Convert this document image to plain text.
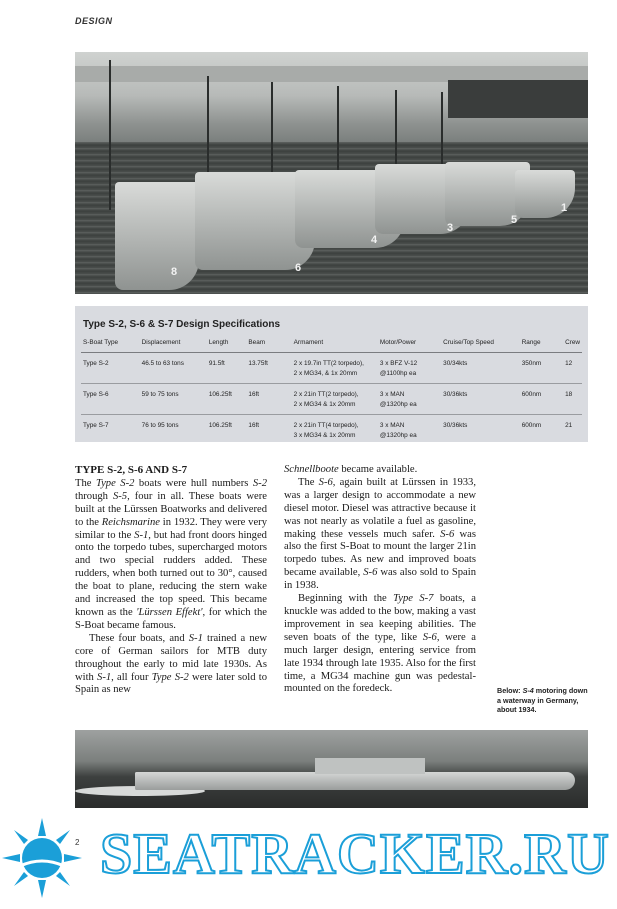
DESIGN
8	6
4
3
5
1
Type S-2, S-6 & S-7 Design Specifications
S-Boat Type	Displacement	Length	Beam	Armament	Motor/Power	Cruise/Top Speed	Range	Crew
Type S-2	46.5 to 63 tons	91.5ft	13.75ft	2 x 19.7in TT(2 torpedo),
2 x MG34, & 1x 20mm	3 x BFZ V-12
@1100hp ea	30/34kts	350nm	12
Type S-6	59 to 75 tons	106.25ft	16ft	2 x 21in TT(2 torpedo),
2 x MG34 & 1x 20mm	3 x MAN
@1320hp ea	30/36kts	600nm	18
Type S-7	76 to 95 tons	106.25ft	16ft	2 x 21in TT(4 torpedo),
3 x MG34 & 1x 20mm	3 x MAN
@1320hp ea	30/36kts	600nm	21
TYPE S-2, S-6 AND S-7

The Type S-2 boats were hull numbers S-2 through S-5, four in all. These boats were built at the Lürssen Boatworks and delivered to the Reichsmarine in 1932. They were very similar to the S-1, but had front doors hinged onto the torpedo tubes, supercharged motors and two special rudders added. These rudders, when both turned out to 30°, caused the boat to plane, reducing the stern wake and increased the top speed. This became known as the 'Lürssen Effekt', for which the S-Boat became famous.

These four boats, and S-1 trained a new core of German sailors for MTB duty throughout the early to mid late 1930s. As with S-1, all four Type S-2 were later sold to Spain as new

Schnellboote became available.

The S-6, again built at Lürssen in 1933, was a larger design to accommodate a new diesel motor. Diesel was attractive because it was not nearly as volatile a fuel as gasoline, making these vessels much safer. S-6 was also the first S-Boat to mount the larger 21in torpedo tubes. As new and improved boats became available, S-6 was also sold to Spain in 1938.

Beginning with the Type S-7 boats, a knuckle was added to the bow, making a vast improvement in sea keeping abilities. The seven boats of the type, like S-6, were a much larger design, entering service from late 1934 through late 1935. Also for the first time, a MG34 machine gun was pedestal-mounted on the foredeck.	Below: S-4 motoring down a waterway in Germany, about 1934.
2 SEATRACKER.RU
